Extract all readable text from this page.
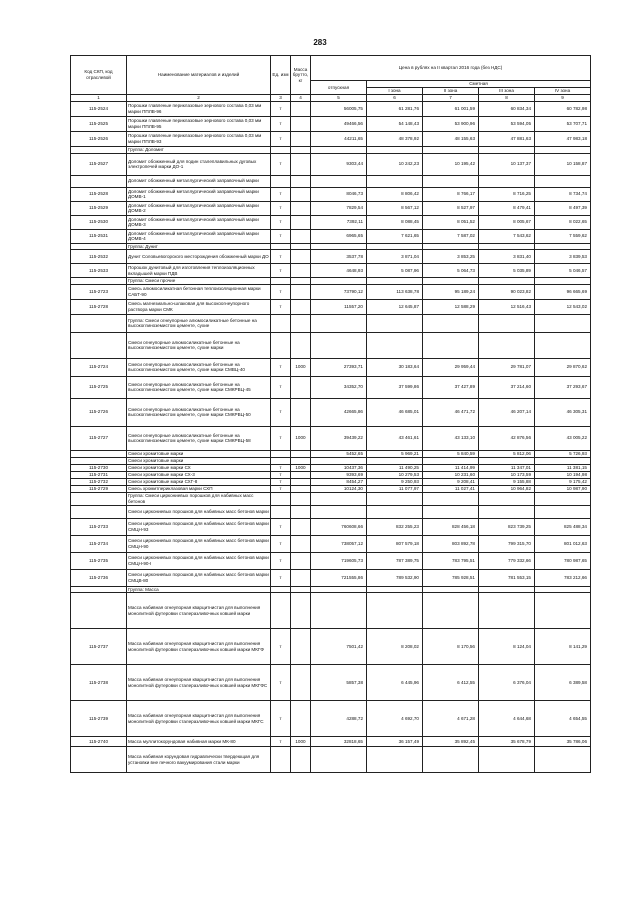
283
Код СКП, код отраслевой	Наименование материалов и изделий	Ед. изм	Масса брутто, кг	Цена в рублях на II квартал 2016 года (без НДС)				
				отпускная	Сметная			
					I зона	II зона	III зона	IV зона
1	2	3	4	5	6	7	8	9
115-2524	Порошки главленые периклазовые зернового состава 0,03 мм марки ППЛВ-96	т		56005,75	61 281,76	61 001,59	60 834,34	60 782,98
115-2525	Порошки главленые периклазовые зернового состава 0,03 мм марки ППЛВ-95	т		49466,56	54 148,43	53 900,96	53 594,05	53 707,71
115-2526	Порошки главленые периклазовые зернового состава 0,03 мм марки ППЛВ-93	т		44211,65	48 378,92	48 155,63	47 881,63	47 983,18
	Группа: Доломит							
115-2527	Доломит обожженный для подин сталеплавильных дуговых электропечей марки ДО-1	т		9303,44	10 242,23	10 195,42	10 137,37	10 158,87
	Доломит обожженный металлургический заправочный марки							
115-2528	Доломит обожженный металлургический заправочный марки ДОМВ-1	т		8046,73	8 806,42	8 766,17	8 716,25	8 734,74
115-2529	Доломит обожженный металлургический заправочный марки ДОМВ-2	т		7829,54	8 567,12	8 527,97	8 479,41	8 497,39
115-2530	Доломит обожженный металлургический заправочный марки ДОМВ-3	т		7392,11	8 088,45	8 051,52	8 005,67	8 022,65
115-2531	Доломит обожженный металлургический заправочный марки ДОМВ-4	т		6965,65	7 621,65	7 587,02	7 543,62	7 559,62
	Группа: Дунит							
115-2532	Дунит Соловьевогорского месторождения обожженный марки ДО	т		3537,78	3 871,04	3 853,25	3 831,40	3 839,53
115-2533	Порошок дунитовый для изготовления теплоизоляционных вкладышей марки ПДВ	т		4648,93	5 087,96	5 064,73	5 035,89	5 046,57
	Группа: Смеси прочие							
115-2723	Смесь алюмосиликатная бетонная теплоизоляционная марки САБТ-90	т		73790,12	113 638,78	95 189,24	90 023,82	96 665,69
115-2728	Смесь магнезиально-шлаковая для высокоогнеупорного раствора марки СМК	т		11557,20	12 645,87	12 588,29	12 516,43	12 543,02
	Группа: Смеси огнеупорные алюмосиликатные бетонные на высокоглиноземистом цементе, сухие							
	Смеси огнеупорные алюмосиликатные бетонные на высокоглиноземистом цементе, сухие марки							
115-2724	Смеси огнеупорные алюмосиликатные бетонные на высокоглиноземистом цементе, сухие марки СМВЦ-40	т	1000	27393,71	30 183,64	29 959,44	29 781,07	29 870,62
115-2725	Смеси огнеупорные алюмосиликатные бетонные на высокоглиноземистом цементе, сухие марки СМКРВЦ-45	т		34352,70	37 599,86	37 427,89	37 214,60	37 293,67
115-2726	Смеси огнеупорные алюмосиликатные бетонные на высокоглиноземистом цементе, сухие марки СМКРВЦ-50	т		42665,86	46 685,01	46 471,72	46 207,14	46 305,31
115-2727	Смеси огнеупорные алюмосиликатные бетонные на высокоглиноземистом цементе, сухие марки СМКРВЦ-58	т	1000	39439,22	43 461,61	43 133,10	42 876,56	43 005,22
	Смеси хромитовые марки			5452,65	5 969,21	5 840,59	5 812,06	5 726,93
	Смеси хромитовые марки							
115-2730	Смеси хромитовые марки СХ	т	1000	10437,36	11 490,25	11 414,99	11 347,01	11 381,15
115-2731	Смеси хромитовые марки СХ-3	т		9393,69	10 279,53	10 231,60	10 173,59	10 194,98
115-2732	Смеси хромитовые марки СХГ-8	т		8454,27	9 250,93	9 208,41	9 155,88	9 175,42
115-2729	Смесь хромитпериклазовая марки СХП	т		10124,30	11 077,97	11 027,41	10 964,82	10 987,90
	Группа: Смеси циркониевых порошков для набивных масс бетонов							
	Смеси циркониевых порошков для набивных масс бетонов марки							
115-2733	Смеси циркониевых порошков для набивных масс бетонов марки СМЦН-93	т		760608,66	832 255,23	828 456,18	823 739,25	825 488,34
115-2734	Смеси циркониевых порошков для набивных масс бетонов марки СМЦН-90	т		738057,12	807 579,18	803 892,78	799 315,70	801 012,63
115-2735	Смеси циркониевых порошков для набивных масс бетонов марки СМЦН-90-I	т		719605,73	787 389,75	783 795,51	779 332,66	780 987,65
115-2736	Смеси циркониевых порошков для набивных масс бетонов марки СМЦВ-80	т		721555,86	789 532,90	785 928,51	781 553,15	783 212,66
	Группа: Масса							
	Масса набивная огнеупорная кварцитнистая для выполнения монолитной футеровки сталеразливочных ковшей марки							
115-2737	Масса набивная огнеупорная кварцитнистая для выполнения монолитной футеровки сталеразливочных ковшей марки МКГФ	т		7501,42	8 208,02	8 170,56	8 124,04	8 141,29
115-2738	Масса набивная огнеупорная кварцитнистая для выполнения монолитной футеровки сталеразливочных ковшей марки МКГФС	т		5857,38	6 445,96	6 412,55	6 376,04	6 389,58
115-2739	Масса набивная огнеупорная кварцитнистая для выполнения монолитной футеровки сталеразливочных ковшей марки МКГС	т		4288,72	4 692,70	4 671,28	4 644,68	4 654,55
115-2740	Масса муллитокорундовая набивная марки МК-80	т	1000	32818,65	36 157,49	35 892,45	35 678,79	35 786,06
	Масса набивная корундовая гидравлически твердеющая для установки вне печного вакуумирования стали марки							
